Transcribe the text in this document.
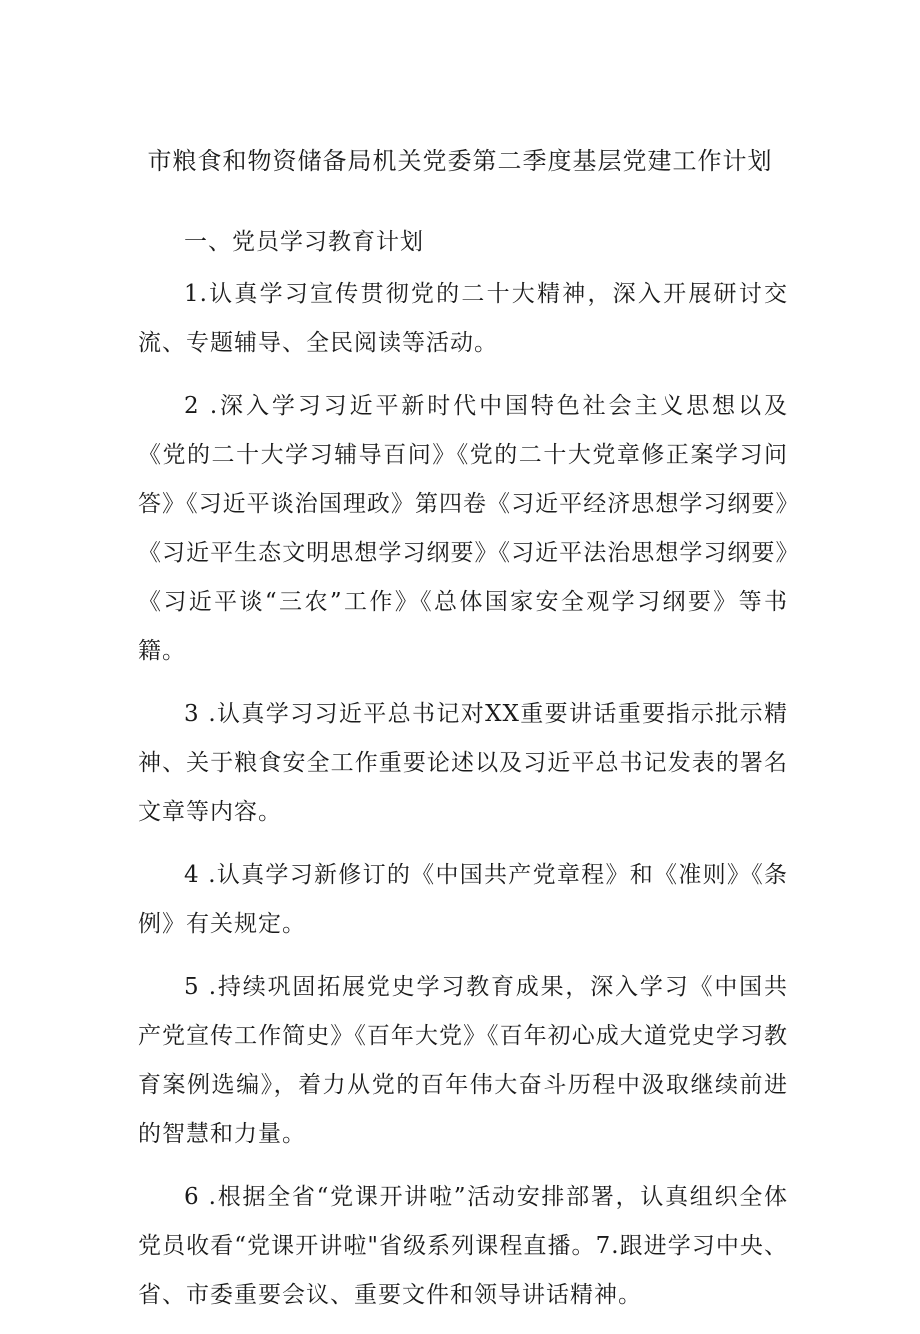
市粮食和物资储备局机关党委第二季度基层党建工作计划

一、党员学习教育计划

1.认真学习宣传贯彻党的二十大精神，深入开展研讨交流、专题辅导、全民阅读等活动。

2 .深入学习习近平新时代中国特色社会主义思想以及《党的二十大学习辅导百问》《党的二十大党章修正案学习问答》《习近平谈治国理政》第四卷《习近平经济思想学习纲要》《习近平生态文明思想学习纲要》《习近平法治思想学习纲要》《习近平谈“三农”工作》《总体国家安全观学习纲要》等书籍。

3 .认真学习习近平总书记对XX重要讲话重要指示批示精神、关于粮食安全工作重要论述以及习近平总书记发表的署名文章等内容。

4 .认真学习新修订的《中国共产党章程》和《准则》《条例》有关规定。

5 .持续巩固拓展党史学习教育成果，深入学习《中国共产党宣传工作简史》《百年大党》《百年初心成大道党史学习教育案例选编》，着力从党的百年伟大奋斗历程中汲取继续前进的智慧和力量。

6 .根据全省“党课开讲啦”活动安排部署，认真组织全体党员收看“党课开讲啦"省级系列课程直播。7.跟进学习中央、省、市委重要会议、重要文件和领导讲话精神。
